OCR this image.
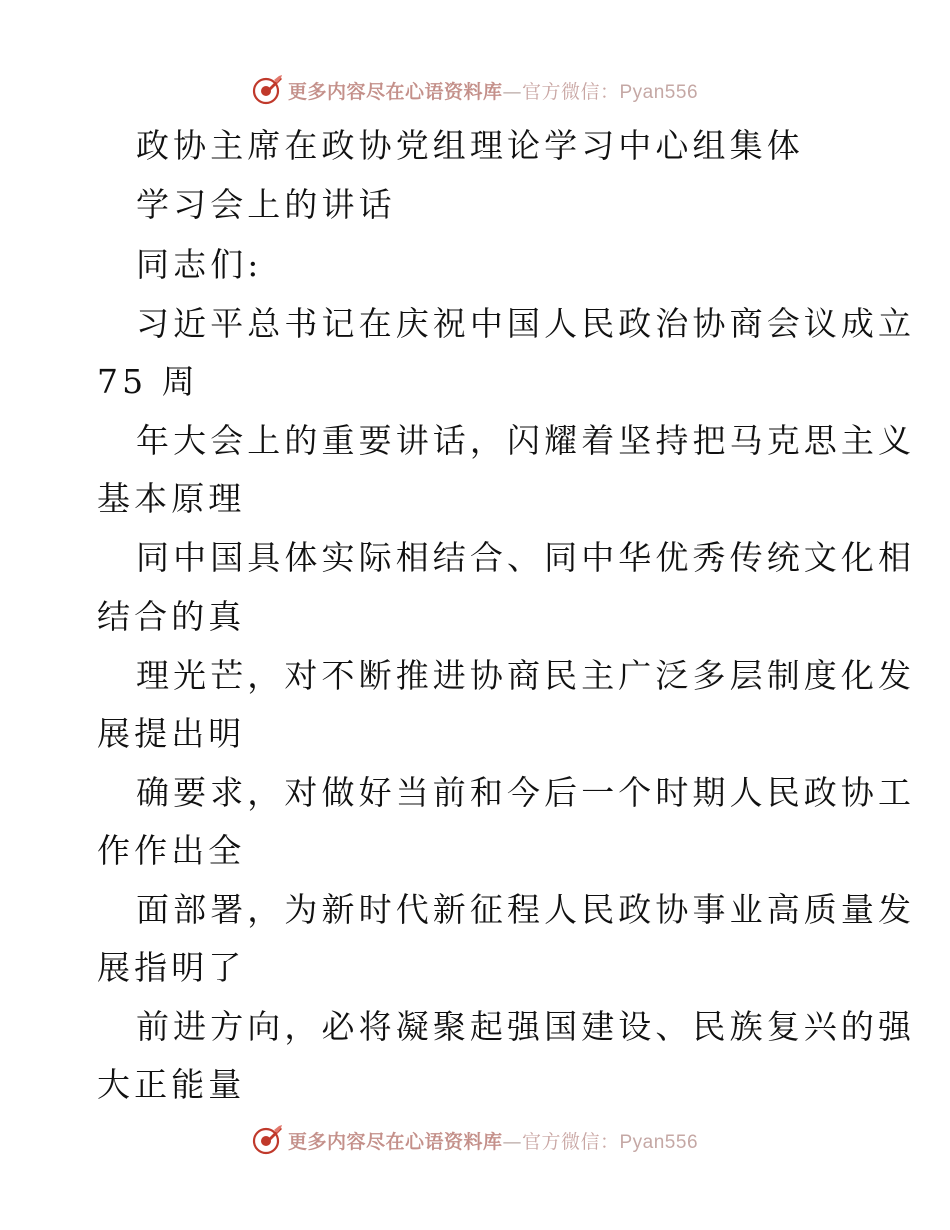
更多内容尽在心语资料库—官方微信：Pyan556
政协主席在政协党组理论学习中心组集体
学习会上的讲话
同志们:
习近平总书记在庆祝中国人民政治协商会议成立
75 周
年大会上的重要讲话，闪耀着坚持把马克思主义
基本原理
同中国具体实际相结合、同中华优秀传统文化相
结合的真
理光芒，对不断推进协商民主广泛多层制度化发
展提出明
确要求，对做好当前和今后一个时期人民政协工
作作出全
面部署，为新时代新征程人民政协事业高质量发
展指明了
前进方向，必将凝聚起强国建设、民族复兴的强
大正能量
更多内容尽在心语资料库—官方微信：Pyan556
